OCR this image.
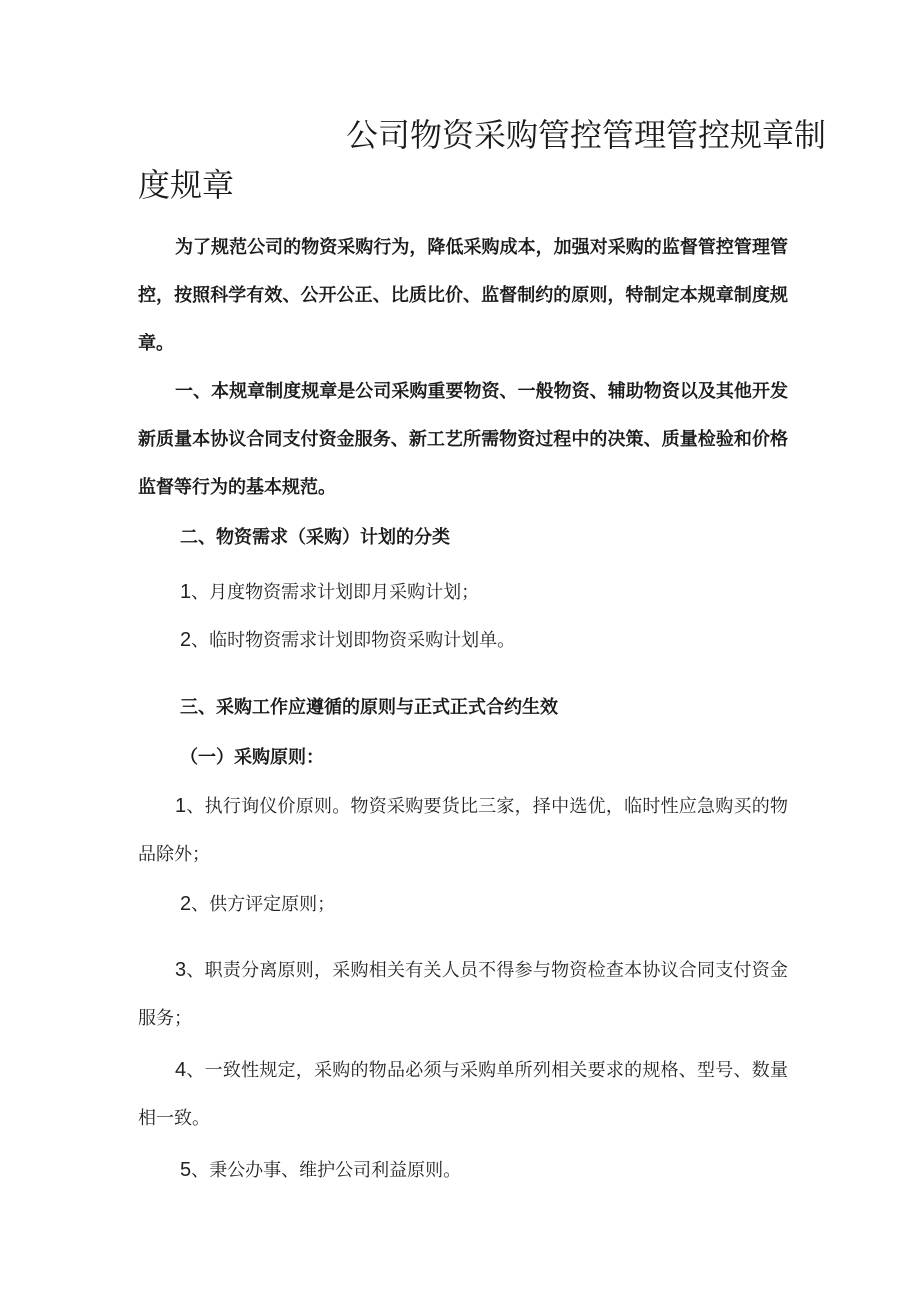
公司物资采购管控管理管控规章制
度规章
为了规范公司的物资采购行为，降低采购成本，加强对采购的监督管控管理管控，按照科学有效、公开公正、比质比价、监督制约的原则，特制定本规章制度规章。
一、本规章制度规章是公司采购重要物资、一般物资、辅助物资以及其他开发新质量本协议合同支付资金服务、新工艺所需物资过程中的决策、质量检验和价格监督等行为的基本规范。
二、物资需求（采购）计划的分类
1、月度物资需求计划即月采购计划；
2、临时物资需求计划即物资采购计划单。
三、采购工作应遵循的原则与正式正式合约生效
（一）采购原则：
1、执行询仪价原则。物资采购要货比三家，择中选优，临时性应急购买的物品除外；
2、供方评定原则；
3、职责分离原则，采购相关有关人员不得参与物资检查本协议合同支付资金服务；
4、一致性规定，采购的物品必须与采购单所列相关要求的规格、型号、数量相一致。
5、秉公办事、维护公司利益原则。
